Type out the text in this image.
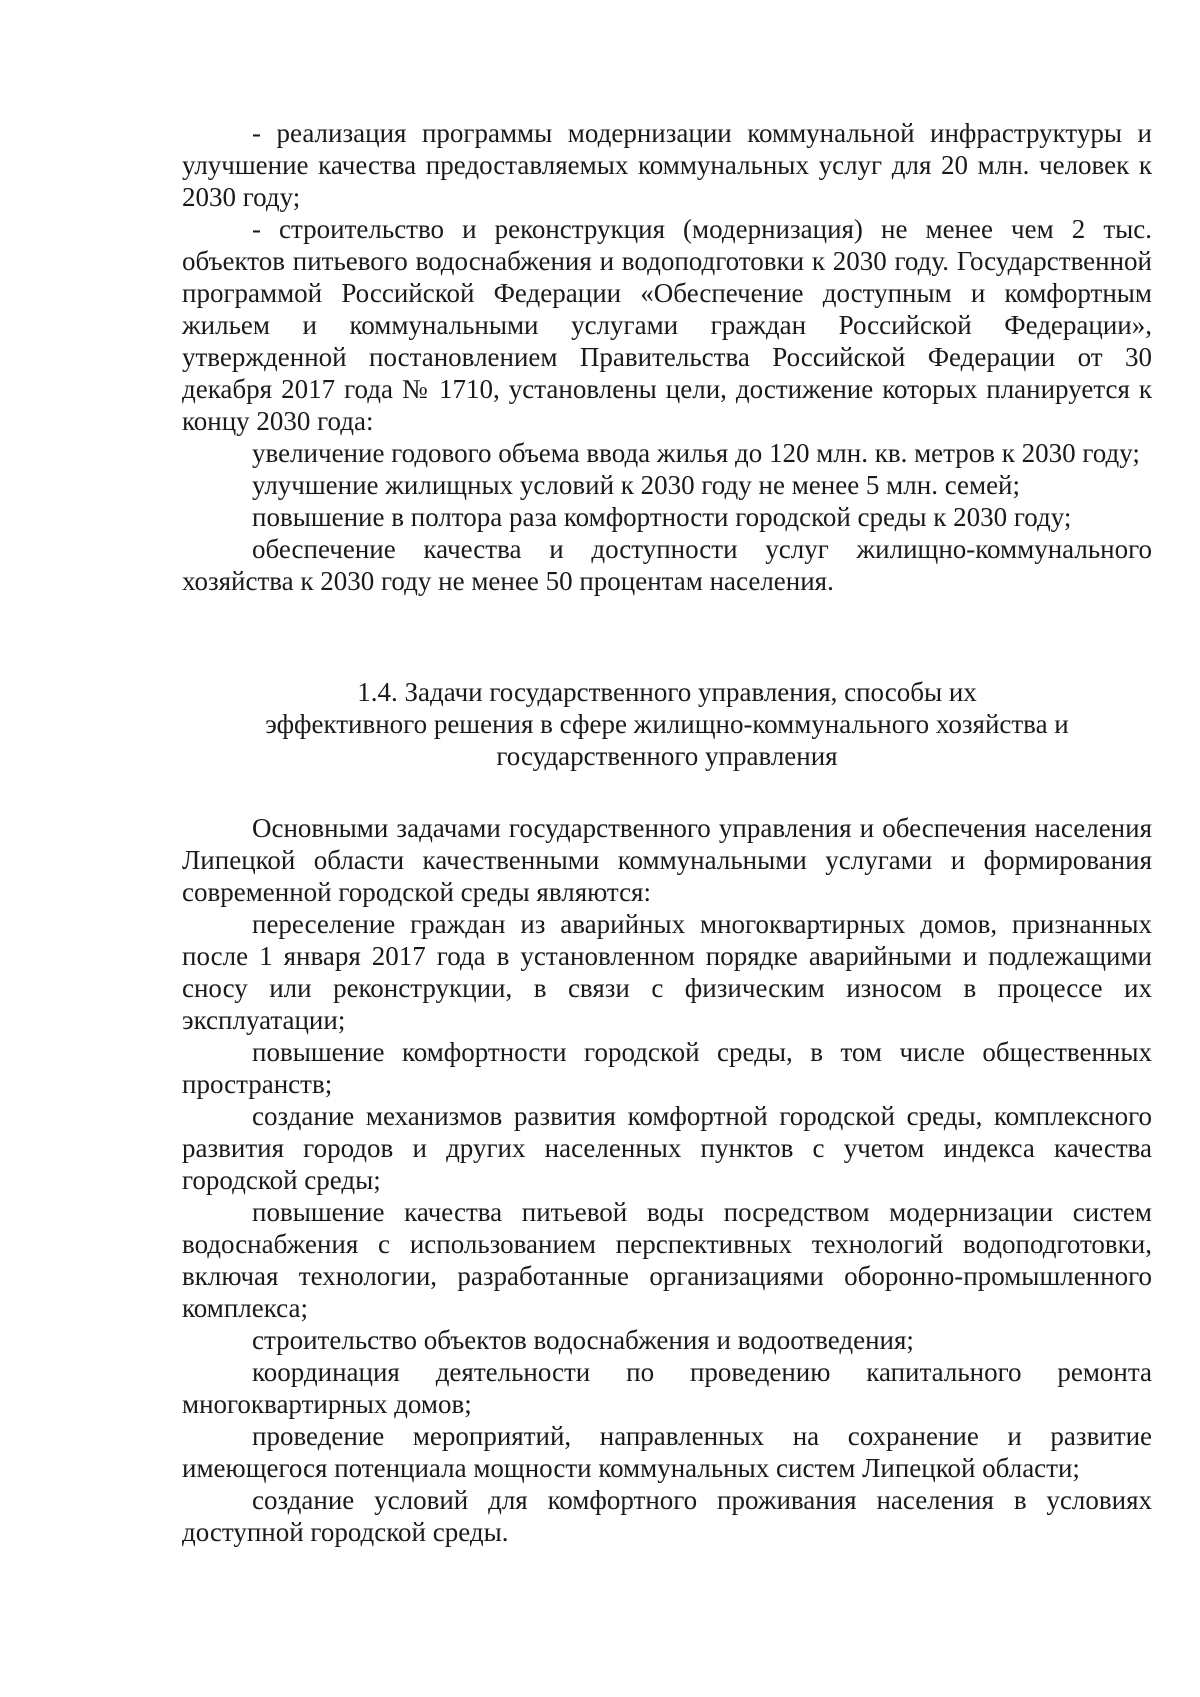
- реализация программы модернизации коммунальной инфраструктуры и улучшение качества предоставляемых коммунальных услуг для 20 млн. человек к 2030 году;

- строительство и реконструкция (модернизация) не менее чем 2 тыс. объектов питьевого водоснабжения и водоподготовки к 2030 году. Государственной программой Российской Федерации «Обеспечение доступным и комфортным жильем и коммунальными услугами граждан Российской Федерации», утвержденной постановлением Правительства Российской Федерации от 30 декабря 2017 года № 1710, установлены цели, достижение которых планируется к концу 2030 года:

увеличение годового объема ввода жилья до 120 млн. кв. метров к 2030 году;

улучшение жилищных условий к 2030 году не менее 5 млн. семей;

повышение в полтора раза комфортности городской среды к 2030 году;

обеспечение качества и доступности услуг жилищно-коммунального хозяйства к 2030 году не менее 50 процентам населения.

1.4. Задачи государственного управления, способы их
эффективного решения в сфере жилищно-коммунального хозяйства и
государственного управления

Основными задачами государственного управления и обеспечения населения Липецкой области качественными коммунальными услугами и формирования современной городской среды являются:

переселение граждан из аварийных многоквартирных домов, признанных после 1 января 2017 года в установленном порядке аварийными и подлежащими сносу или реконструкции, в связи с физическим износом в процессе их эксплуатации;

повышение комфортности городской среды, в том числе общественных пространств;

создание механизмов развития комфортной городской среды, комплексного развития городов и других населенных пунктов с учетом индекса качества городской среды;

повышение качества питьевой воды посредством модернизации систем водоснабжения с использованием перспективных технологий водоподготовки, включая технологии, разработанные организациями оборонно-промышленного комплекса;

строительство объектов водоснабжения и водоотведения;

координация деятельности по проведению капитального ремонта многоквартирных домов;

проведение мероприятий, направленных на сохранение и развитие имеющегося потенциала мощности коммунальных систем Липецкой области;

создание условий для комфортного проживания населения в условиях доступной городской среды.
